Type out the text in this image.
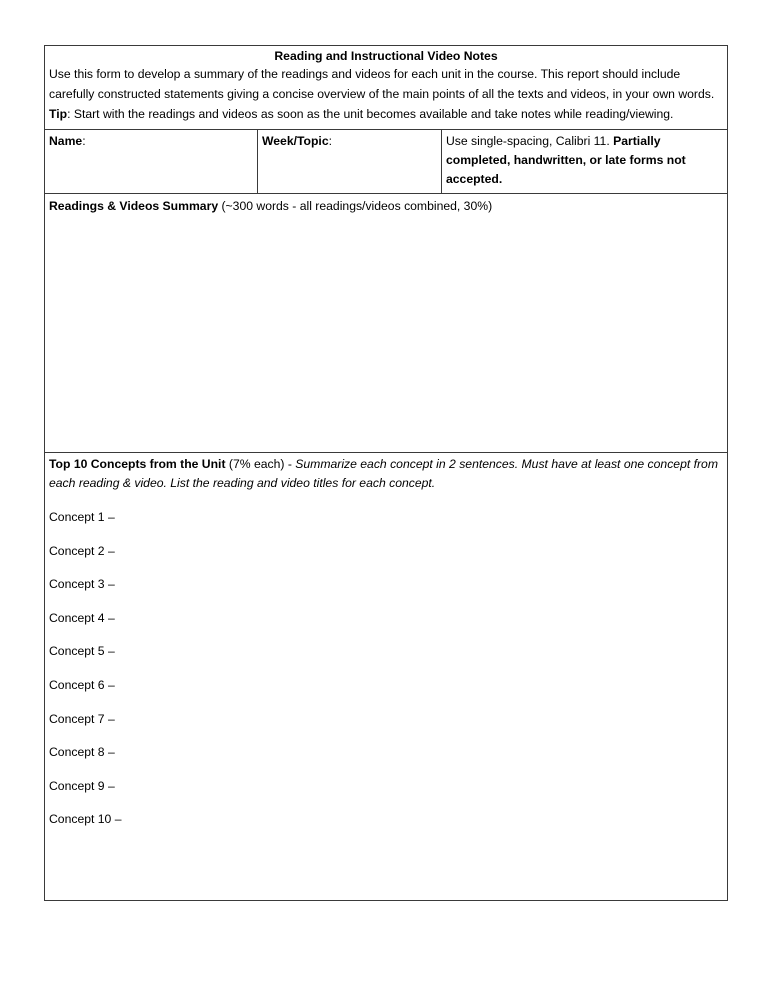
Reading and Instructional Video Notes

Use this form to develop a summary of the readings and videos for each unit in the course. This report should include carefully constructed statements giving a concise overview of the main points of all the texts and videos, in your own words. Tip: Start with the readings and videos as soon as the unit becomes available and take notes while reading/viewing.

Name:	Week/Topic:	Use single-spacing, Calibri 11. Partially completed, handwritten, or late forms not accepted.

Readings & Videos Summary (~300 words - all readings/videos combined, 30%)

Top 10 Concepts from the Unit (7% each) - Summarize each concept in 2 sentences. Must have at least one concept from each reading & video. List the reading and video titles for each concept.

Concept 1 –
Concept 2 –
Concept 3 –
Concept 4 –
Concept 5 –
Concept 6 –
Concept 7 –
Concept 8 –
Concept 9 –
Concept 10 –
